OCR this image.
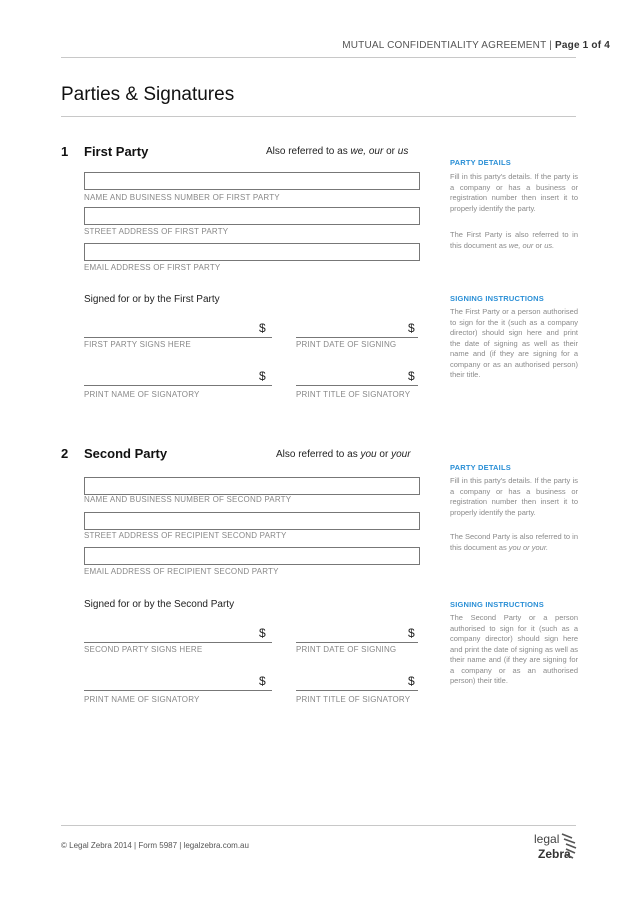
MUTUAL CONFIDENTIALITY AGREEMENT | Page 1 of 4
Parties & Signatures
1 First Party	Also referred to as we, our or us
NAME AND BUSINESS NUMBER OF FIRST PARTY
STREET ADDRESS OF FIRST PARTY
EMAIL ADDRESS OF FIRST PARTY
Signed for or by the First Party
$	$
FIRST PARTY SIGNS HERE	PRINT DATE OF SIGNING
$	$
PRINT NAME OF SIGNATORY	PRINT TITLE OF SIGNATORY
PARTY DETAILS
Fill in this party's details. If the party is a company or has a business or registration number then insert it to properly identify the party.
The First Party is also referred to in this document as we, our or us.
SIGNING INSTRUCTIONS
The First Party or a person authorised to sign for the it (such as a company director) should sign here and print the date of signing as well as their name and (if they are signing for a company or as an authorised person) their title.
2 Second Party	Also referred to as you or your
NAME AND BUSINESS NUMBER OF SECOND PARTY
STREET ADDRESS OF RECIPIENT SECOND PARTY
EMAIL ADDRESS OF RECIPIENT SECOND PARTY
Signed for or by the Second Party
$	$
SECOND PARTY SIGNS HERE	PRINT DATE OF SIGNING
$	$
PRINT NAME OF SIGNATORY	PRINT TITLE OF SIGNATORY
PARTY DETAILS
Fill in this party's details. If the party is a company or has a business or registration number then insert it to properly identify the party.
The Second Party is also referred to in this document as you or your.
SIGNING INSTRUCTIONS
The Second Party or a person authorised to sign for it (such as a company director) should sign here and print the date of signing as well as their name and (if they are signing for a company or as an authorised person) their title.
© Legal Zebra 2014 | Form 5987 | legalzebra.com.au	legal
Zebra
